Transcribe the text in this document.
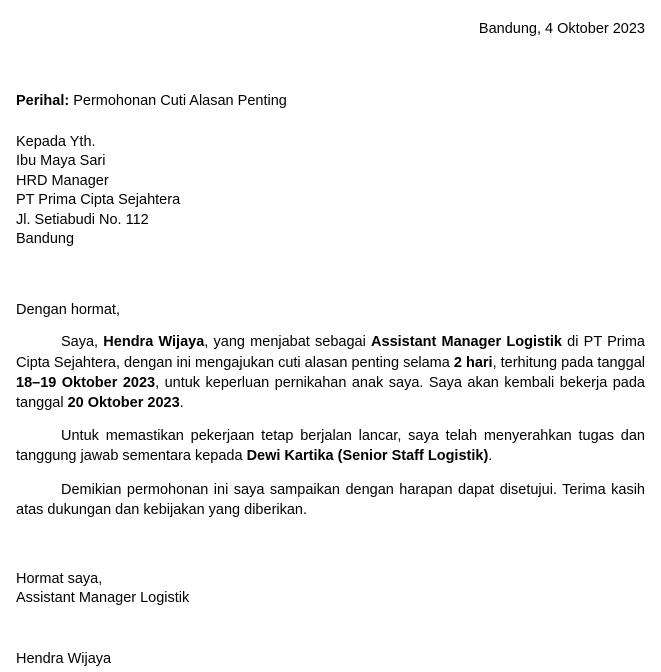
Bandung, 4 Oktober 2023
Perihal: Permohonan Cuti Alasan Penting
Kepada Yth.
Ibu Maya Sari
HRD Manager
PT Prima Cipta Sejahtera
Jl. Setiabudi No. 112
Bandung
Dengan hormat,

Saya, Hendra Wijaya, yang menjabat sebagai Assistant Manager Logistik di PT Prima Cipta Sejahtera, dengan ini mengajukan cuti alasan penting selama 2 hari, terhitung pada tanggal 18–19 Oktober 2023, untuk keperluan pernikahan anak saya. Saya akan kembali bekerja pada tanggal 20 Oktober 2023.

Untuk memastikan pekerjaan tetap berjalan lancar, saya telah menyerahkan tugas dan tanggung jawab sementara kepada Dewi Kartika (Senior Staff Logistik).

Demikian permohonan ini saya sampaikan dengan harapan dapat disetujui. Terima kasih atas dukungan dan kebijakan yang diberikan.

Hormat saya,
Assistant Manager Logistik
Hendra Wijaya
